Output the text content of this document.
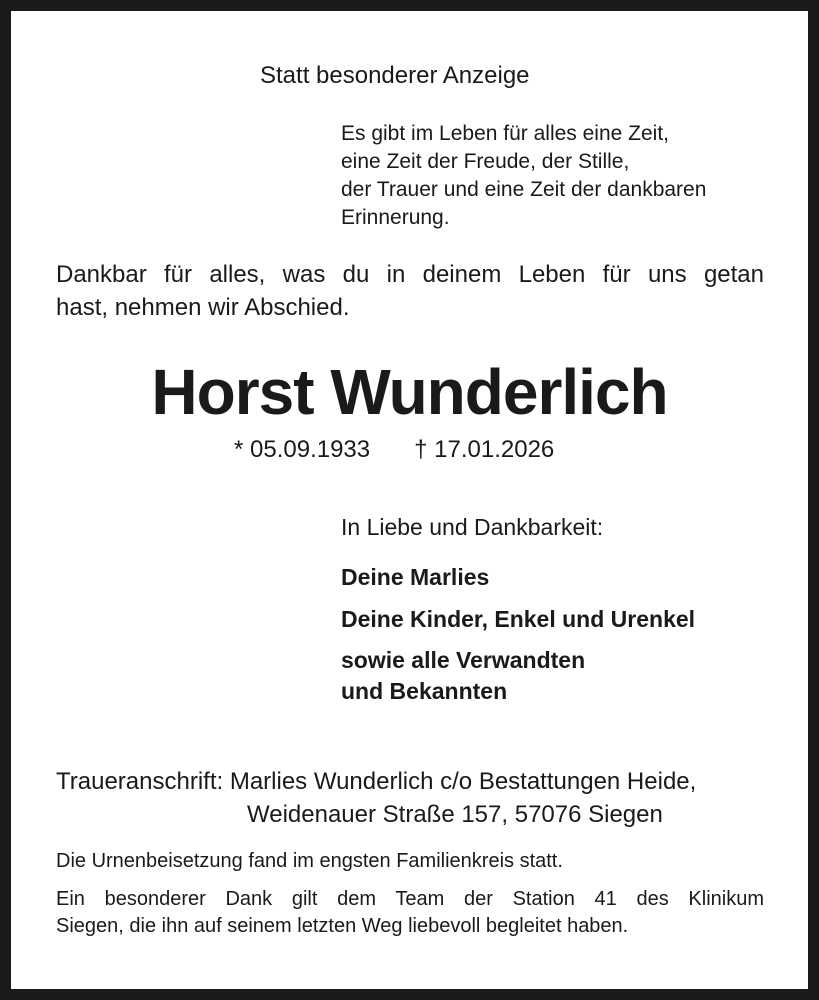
Statt besonderer Anzeige
Es gibt im Leben für alles eine Zeit,
eine Zeit der Freude, der Stille,
der Trauer und eine Zeit der dankbaren
Erinnerung.
Dankbar für alles, was du in deinem Leben für uns getan
hast, nehmen wir Abschied.
Horst Wunderlich
* 05.09.1933 † 17.01.2026
In Liebe und Dankbarkeit:
Deine Marlies
Deine Kinder, Enkel und Urenkel
sowie alle Verwandten
und Bekannten
Traueranschrift: Marlies Wunderlich c/o Bestattungen Heide,
Weidenauer Straße 157, 57076 Siegen
Die Urnenbeisetzung fand im engsten Familienkreis statt.
Ein besonderer Dank gilt dem Team der Station 41 des Klinikum
Siegen, die ihn auf seinem letzten Weg liebevoll begleitet haben.
